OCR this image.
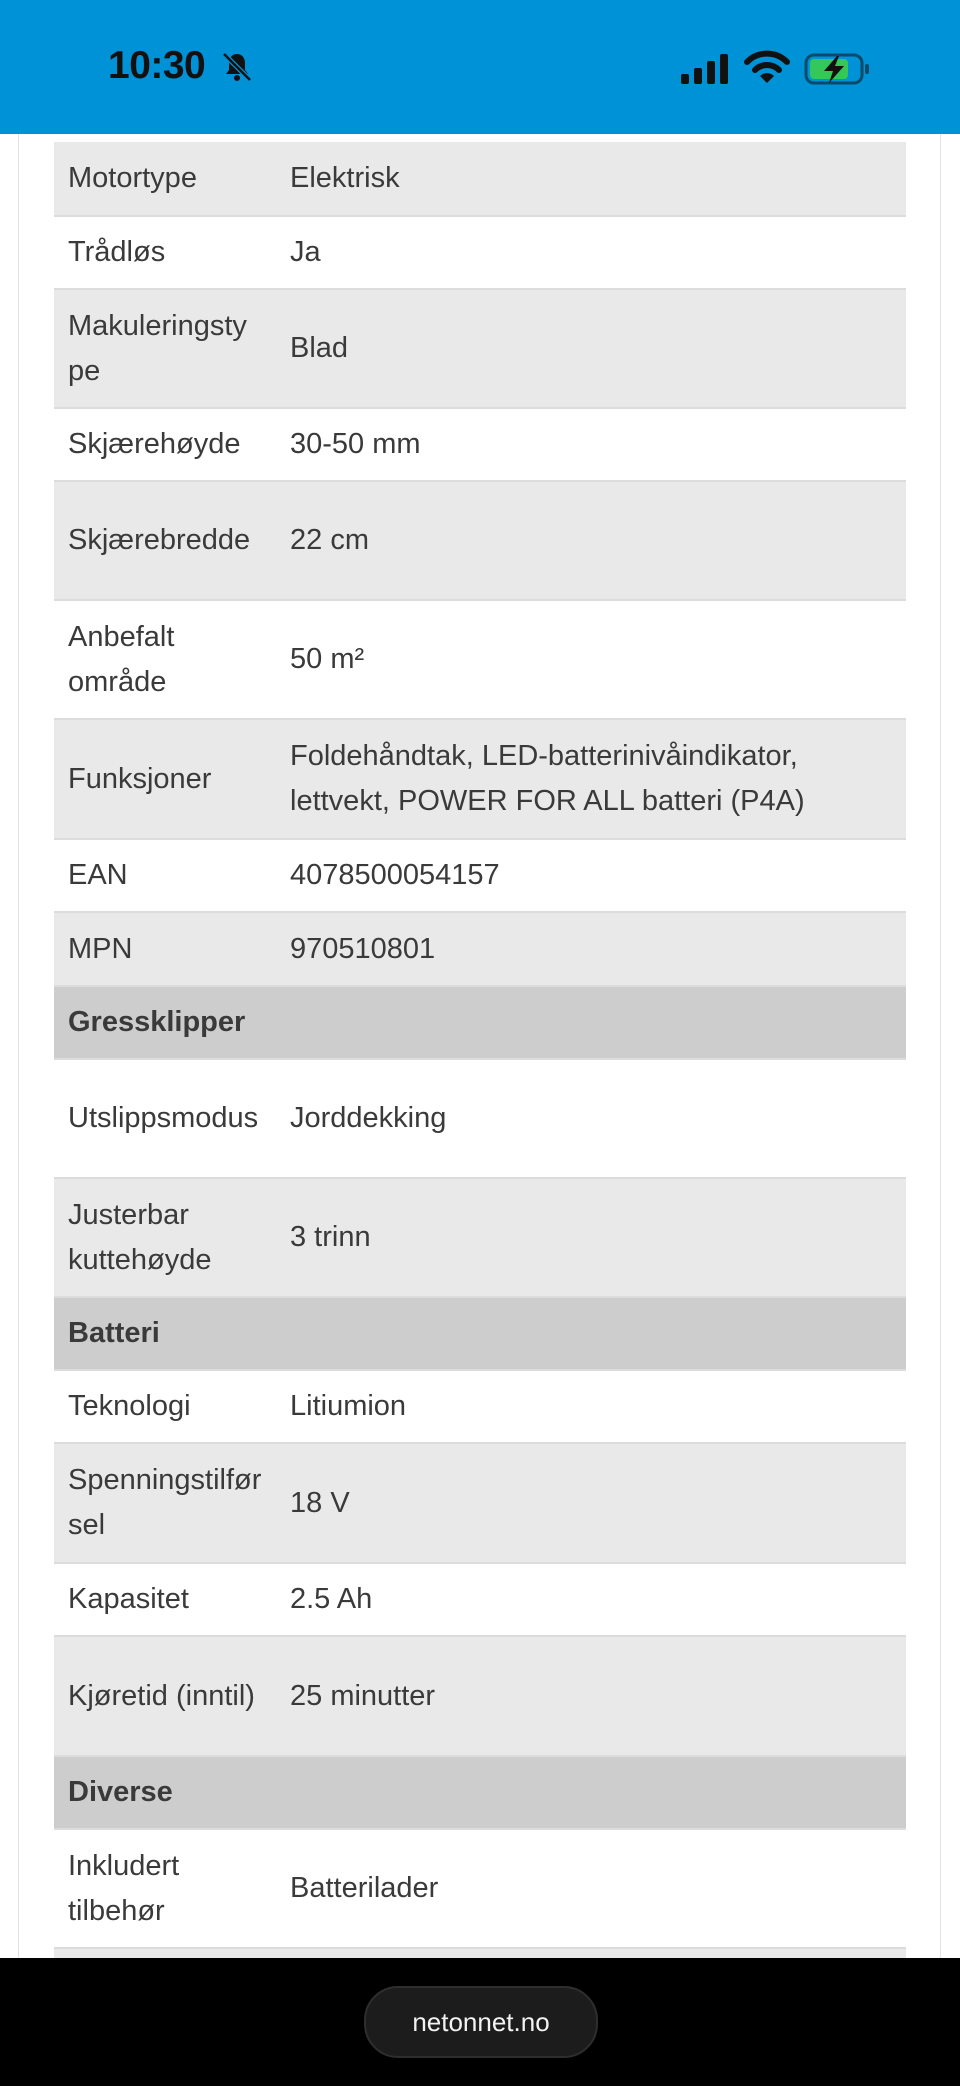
10:30
Motortype	Elektrisk
Trådløs	Ja
Makuleringstype	Blad
Skjærehøyde	30-50 mm
Skjærebredde	22 cm
Anbefalt område	50 m²
Funksjoner	Foldehåndtak, LED-batterinivåindikator, lettvekt, POWER FOR ALL batteri (P4A)
EAN	4078500054157
MPN	970510801
Gressklipper	
Utslippsmodus	Jorddekking
Justerbar kuttehøyde	3 trinn
Batteri	
Teknologi	Litiumion
Spenningstilførsel	18 V
Kapasitet	2.5 Ah
Kjøretid (inntil)	25 minutter
Diverse	
Inkludert tilbehør	Batterilader

netonnet.no
